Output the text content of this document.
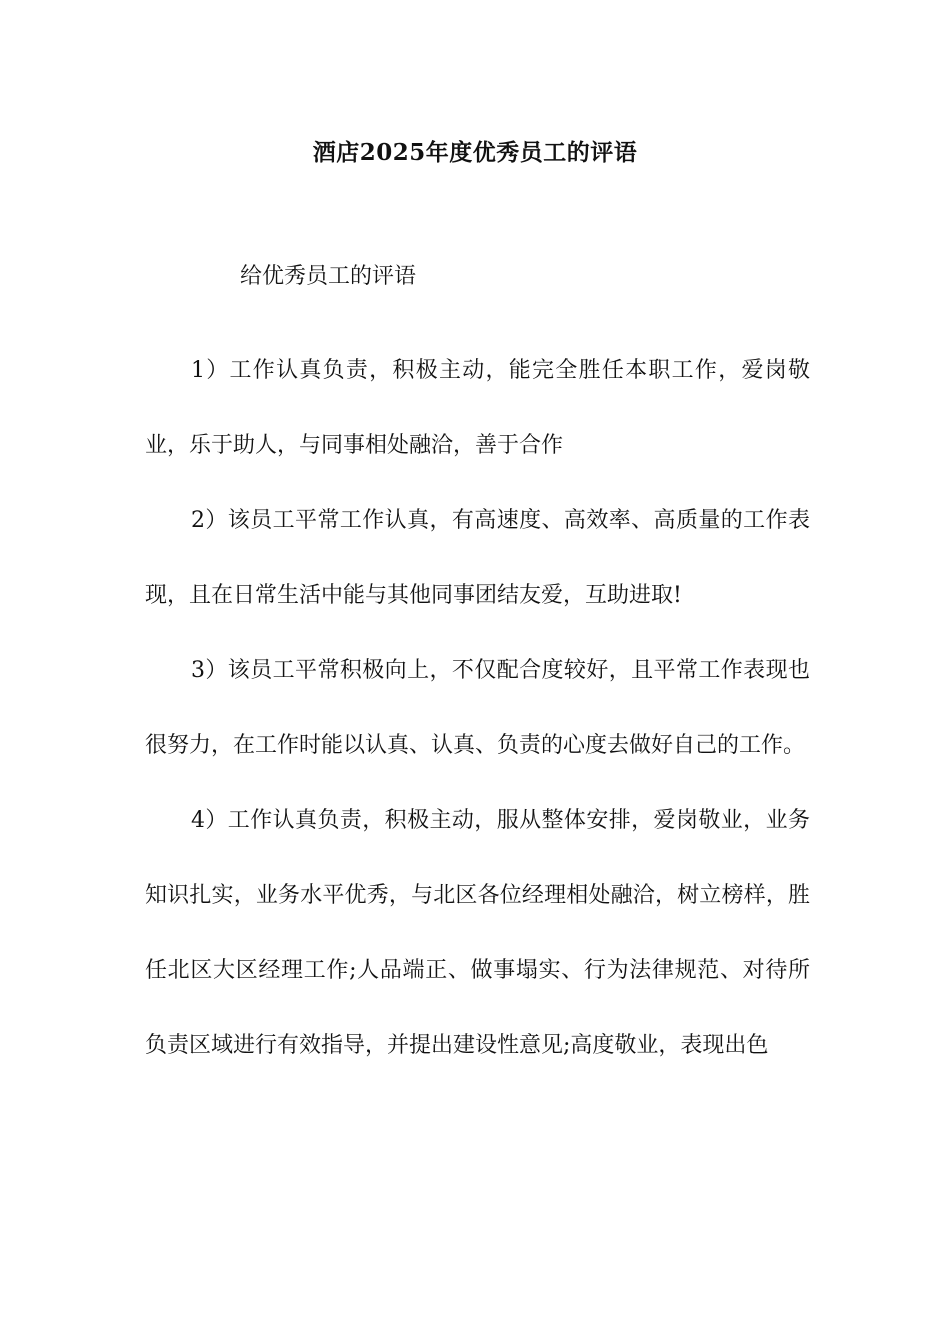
酒店2025年度优秀员工的评语
给优秀员工的评语

1）工作认真负责，积极主动，能完全胜任本职工作，爱岗敬业，乐于助人，与同事相处融洽，善于合作

2）该员工平常工作认真，有高速度、高效率、高质量的工作表现，且在日常生活中能与其他同事团结友爱，互助进取!

3）该员工平常积极向上，不仅配合度较好，且平常工作表现也很努力，在工作时能以认真、认真、负责的心度去做好自己的工作。

4）工作认真负责，积极主动，服从整体安排，爱岗敬业，业务知识扎实，业务水平优秀，与北区各位经理相处融洽，树立榜样，胜任北区大区经理工作;人品端正、做事塌实、行为法律规范、对待所负责区域进行有效指导，并提出建设性意见;高度敬业，表现出色
